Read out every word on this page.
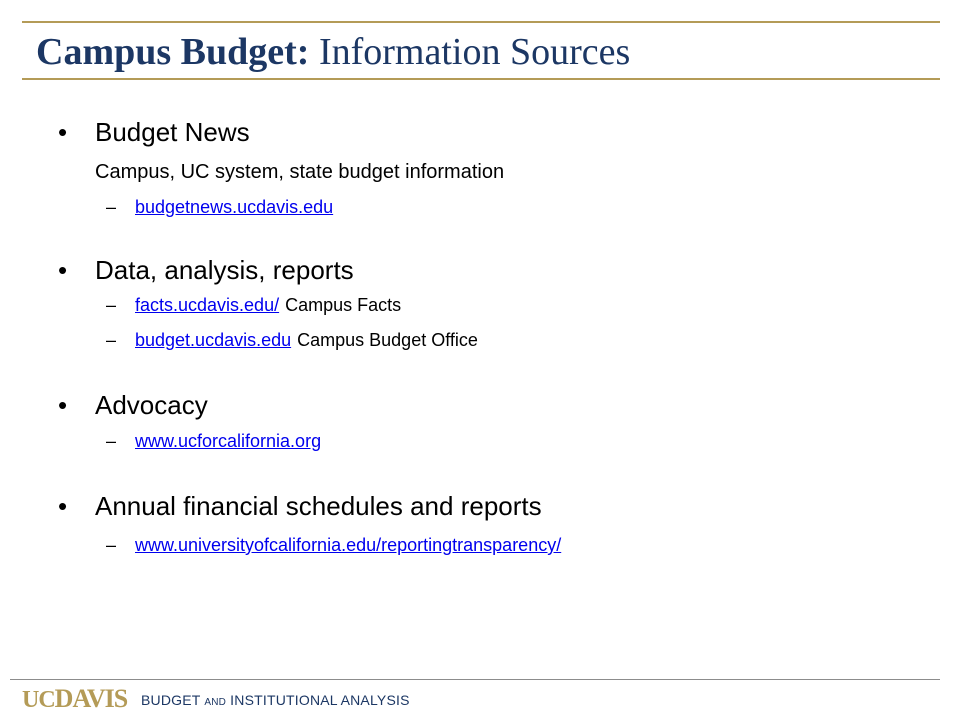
Campus Budget: Information Sources
• Budget News
Campus, UC system, state budget information
– budgetnews.ucdavis.edu
• Data, analysis, reports
– facts.ucdavis.edu/ Campus Facts
– budget.ucdavis.edu Campus Budget Office
• Advocacy
– www.ucforcalifornia.org
• Annual financial schedules and reports
– www.universityofcalifornia.edu/reportingtransparency/
UCDAVIS BUDGET AND INSTITUTIONAL ANALYSIS
